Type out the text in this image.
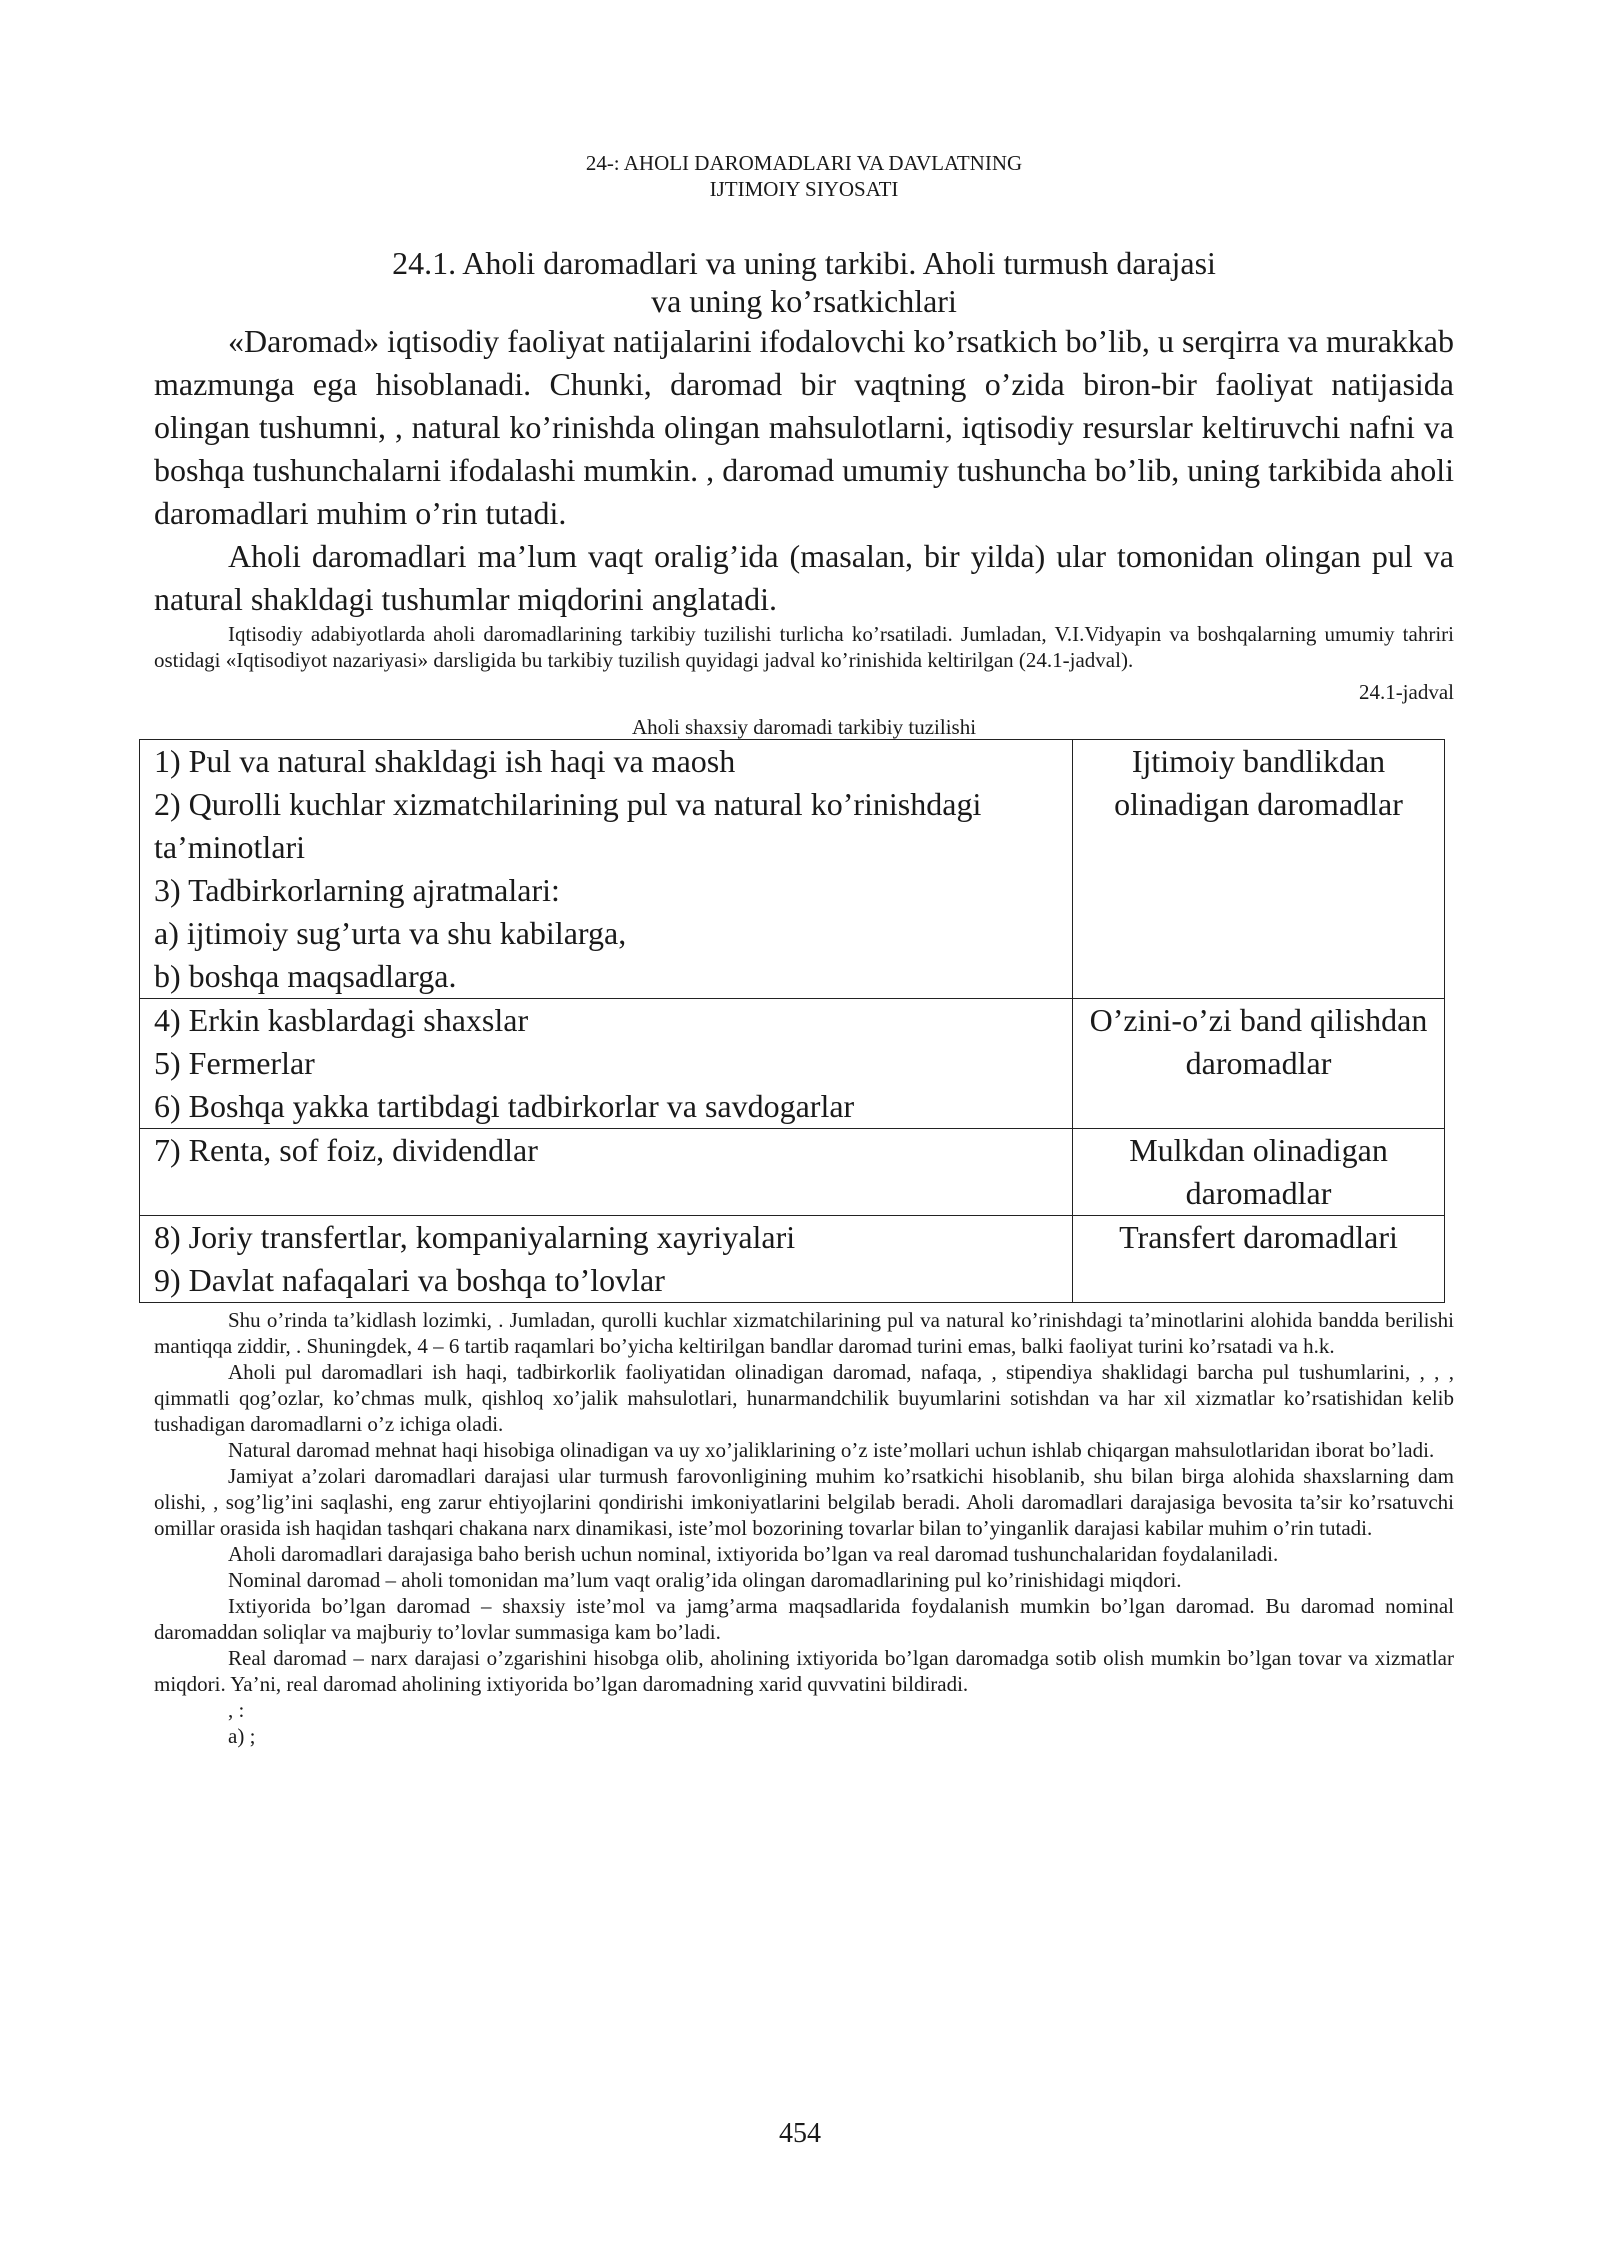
24-: AHOLI DAROMADLARI VA DAVLATNING
IJTIMOIY SIYOSATI
24.1. Aholi daromadlari va uning tarkibi. Aholi turmush darajasi
va uning ko’rsatkichlari

«Daromad» iqtisodiy faoliyat natijalarini ifodalovchi ko’rsatkich bo’lib, u serqirra va murakkab mazmunga ega hisoblanadi. Chunki, daromad bir vaqtning o’zida biron-bir faoliyat natijasida olingan tushumni, , natural ko’rinishda olingan mahsulotlarni, iqtisodiy resurslar keltiruvchi nafni va boshqa tushunchalarni ifodalashi mumkin. , daromad umumiy tushuncha bo’lib, uning tarkibida aholi daromadlari muhim o’rin tutadi.

Aholi daromadlari ma’lum vaqt oralig’ida (masalan, bir yilda) ular tomonidan olingan pul va natural shakldagi tushumlar miqdorini anglatadi.

Iqtisodiy adabiyotlarda aholi daromadlarining tarkibiy tuzilishi turlicha ko’rsatiladi. Jumladan, V.I.Vidyapin va boshqalarning umumiy tahriri ostidagi «Iqtisodiyot nazariyasi» darsligida bu tarkibiy tuzilish quyidagi jadval ko’rinishida keltirilgan (24.1-jadval).

24.1-jadval

Aholi shaxsiy daromadi tarkibiy tuzilishi

1) Pul va natural shakldagi ish haqi va maosh
2) Qurolli kuchlar xizmatchilarining pul va natural ko’rinishdagi ta’minotlari
3) Tadbirkorlarning ajratmalari:
a) ijtimoiy sug’urta va shu kabilarga,
b) boshqa maqsadlarga.	Ijtimoiy bandlikdan olinadigan daromadlar

4) Erkin kasblardagi shaxslar
5) Fermerlar
6) Boshqa yakka tartibdagi tadbirkorlar va savdogarlar	O’zini-o’zi band qilishdan daromadlar

7) Renta, sof foiz, dividendlar	Mulkdan olinadigan daromadlar

8) Joriy transfertlar, kompaniyalarning xayriyalari
9) Davlat nafaqalari va boshqa to’lovlar	Transfert daromadlari

Shu o’rinda ta’kidlash lozimki, . Jumladan, qurolli kuchlar xizmatchilarining pul va natural ko’rinishdagi ta’minotlarini alohida bandda berilishi mantiqqa ziddir, . Shuningdek, 4 – 6 tartib raqamlari bo’yicha keltirilgan bandlar daromad turini emas, balki faoliyat turini ko’rsatadi va h.k.

Aholi pul daromadlari ish haqi, tadbirkorlik faoliyatidan olinadigan daromad, nafaqa, , stipendiya shaklidagi barcha pul tushumlarini, , , , qimmatli qog’ozlar, ko’chmas mulk, qishloq xo’jalik mahsulotlari, hunarmandchilik buyumlarini sotishdan va har xil xizmatlar ko’rsatishidan kelib tushadigan daromadlarni o’z ichiga oladi.

Natural daromad mehnat haqi hisobiga olinadigan va uy xo’jaliklarining o’z iste’mollari uchun ishlab chiqargan mahsulotlaridan iborat bo’ladi.

Jamiyat a’zolari daromadlari darajasi ular turmush farovonligining muhim ko’rsatkichi hisoblanib, shu bilan birga alohida shaxslarning dam olishi, , sog’lig’ini saqlashi, eng zarur ehtiyojlarini qondirishi imkoniyatlarini belgilab beradi. Aholi daromadlari darajasiga bevosita ta’sir ko’rsatuvchi omillar orasida ish haqidan tashqari chakana narx dinamikasi, iste’mol bozorining tovarlar bilan to’yinganlik darajasi kabilar muhim o’rin tutadi.

Aholi daromadlari darajasiga baho berish uchun nominal, ixtiyorida bo’lgan va real daromad tushunchalaridan foydalaniladi.

Nominal daromad – aholi tomonidan ma’lum vaqt oralig’ida olingan daromadlarining pul ko’rinishidagi miqdori.

Ixtiyorida bo’lgan daromad – shaxsiy iste’mol va jamg’arma maqsadlarida foydalanish mumkin bo’lgan daromad. Bu daromad nominal daromaddan soliqlar va majburiy to’lovlar summasiga kam bo’ladi.

Real daromad – narx darajasi o’zgarishini hisobga olib, aholining ixtiyorida bo’lgan daromadga sotib olish mumkin bo’lgan tovar va xizmatlar miqdori. Ya’ni, real daromad aholining ixtiyorida bo’lgan daromadning xarid quvvatini bildiradi.

, :

a) ;

454
